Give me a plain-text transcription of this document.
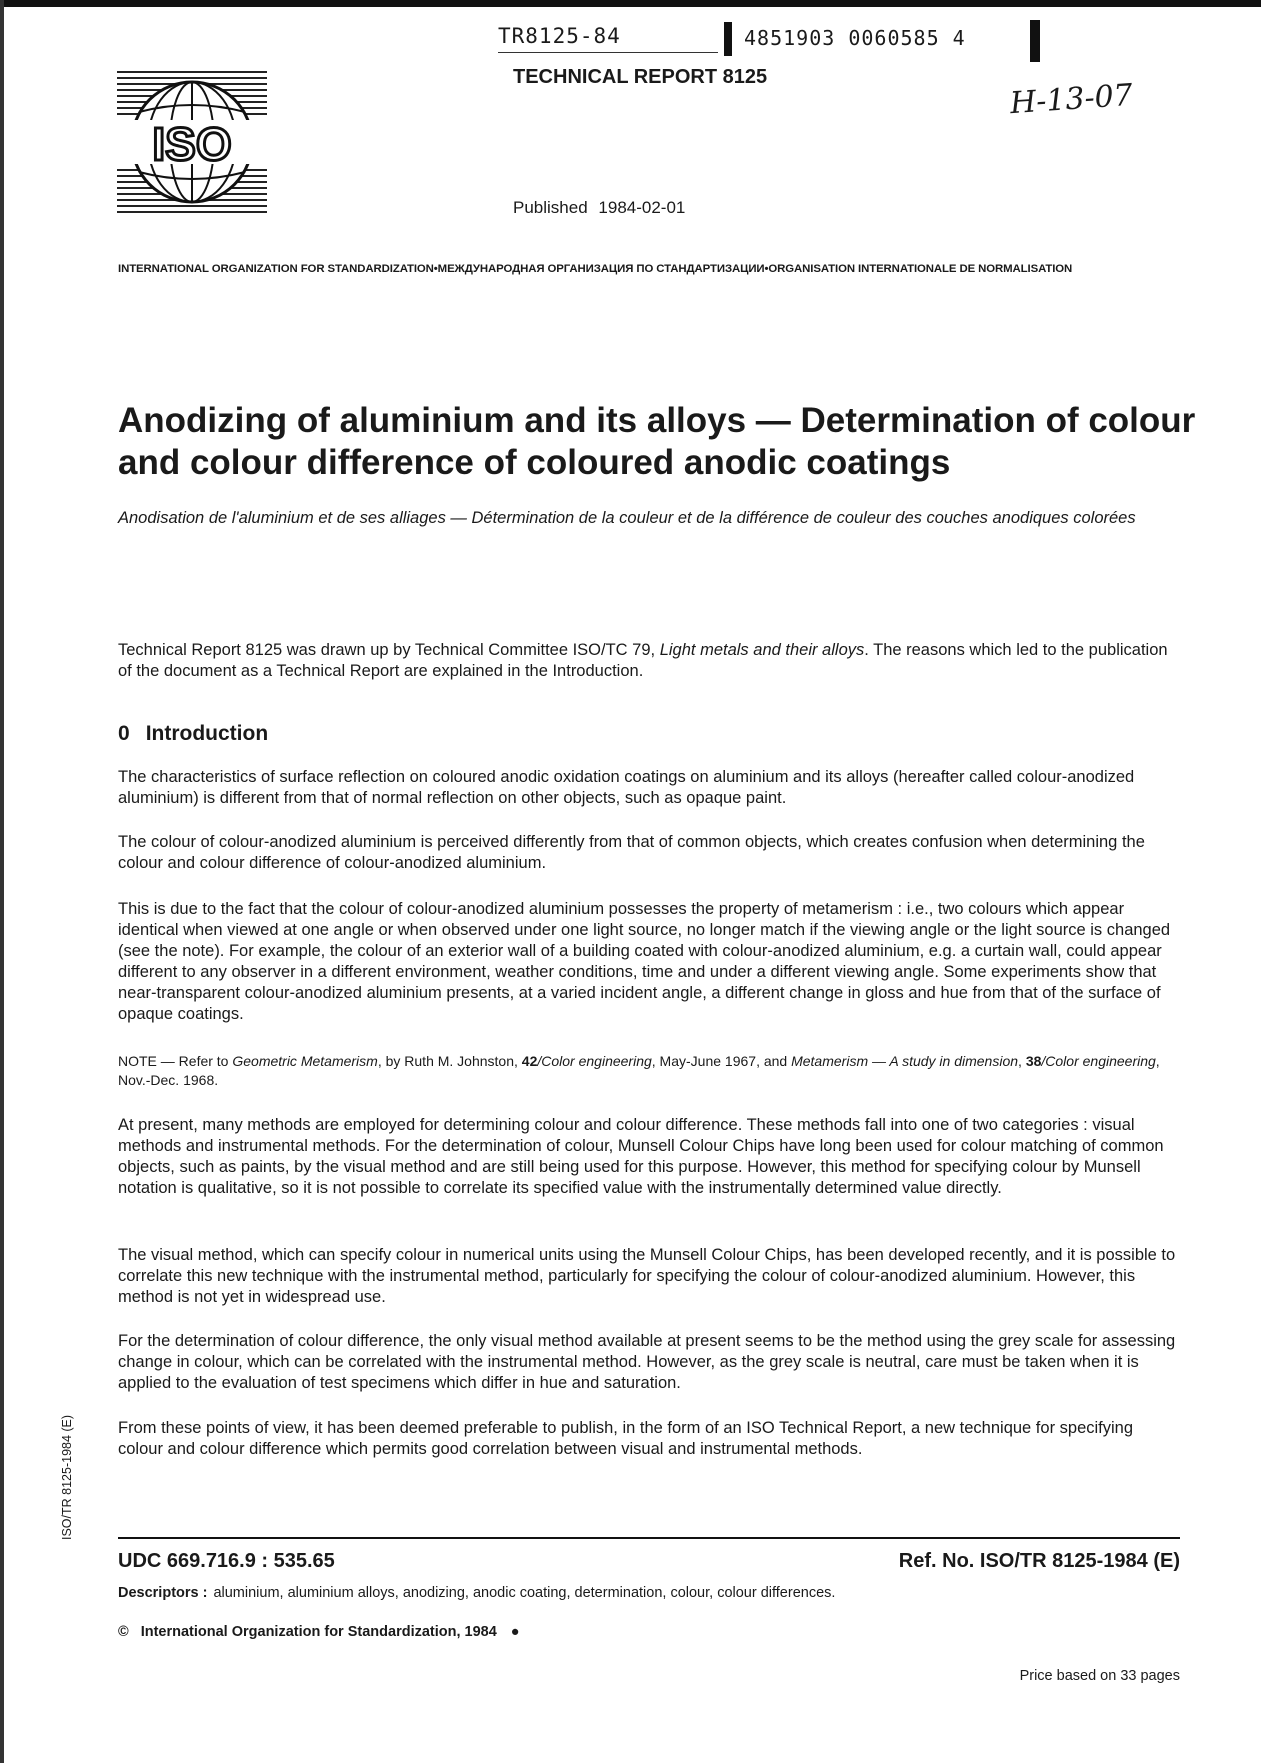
TR8125-84	4851903 0060585 4
TECHNICAL REPORT 8125
H-13-07
ISO
Published 1984-02-01
INTERNATIONAL ORGANIZATION FOR STANDARDIZATION•МЕЖДУНАРОДНАЯ ОРГАНИЗАЦИЯ ПО СТАНДАРТИЗАЦИИ•ORGANISATION INTERNATIONALE DE NORMALISATION
Anodizing of aluminium and its alloys — Determination of colour and colour difference of coloured anodic coatings

Anodisation de l'aluminium et de ses alliages — Détermination de la couleur et de la différence de couleur des couches anodiques colorées

Technical Report 8125 was drawn up by Technical Committee ISO/TC 79, Light metals and their alloys. The reasons which led to the publication of the document as a Technical Report are explained in the Introduction.

0 Introduction

The characteristics of surface reflection on coloured anodic oxidation coatings on aluminium and its alloys (hereafter called colour-anodized aluminium) is different from that of normal reflection on other objects, such as opaque paint.

The colour of colour-anodized aluminium is perceived differently from that of common objects, which creates confusion when determining the colour and colour difference of colour-anodized aluminium.

This is due to the fact that the colour of colour-anodized aluminium possesses the property of metamerism : i.e., two colours which appear identical when viewed at one angle or when observed under one light source, no longer match if the viewing angle or the light source is changed (see the note). For example, the colour of an exterior wall of a building coated with colour-anodized aluminium, e.g. a curtain wall, could appear different to any observer in a different environment, weather conditions, time and under a different viewing angle. Some experiments show that near-transparent colour-anodized aluminium presents, at a varied incident angle, a different change in gloss and hue from that of the surface of opaque coatings.

NOTE — Refer to Geometric Metamerism, by Ruth M. Johnston, 42/Color engineering, May-June 1967, and Metamerism — A study in dimension, 38/Color engineering, Nov.-Dec. 1968.

At present, many methods are employed for determining colour and colour difference. These methods fall into one of two categories : visual methods and instrumental methods. For the determination of colour, Munsell Colour Chips have long been used for colour matching of common objects, such as paints, by the visual method and are still being used for this purpose. However, this method for specifying colour by Munsell notation is qualitative, so it is not possible to correlate its specified value with the instrumentally determined value directly.

The visual method, which can specify colour in numerical units using the Munsell Colour Chips, has been developed recently, and it is possible to correlate this new technique with the instrumental method, particularly for specifying the colour of colour-anodized aluminium. However, this method is not yet in widespread use.

For the determination of colour difference, the only visual method available at present seems to be the method using the grey scale for assessing change in colour, which can be correlated with the instrumental method. However, as the grey scale is neutral, care must be taken when it is applied to the evaluation of test specimens which differ in hue and saturation.

From these points of view, it has been deemed preferable to publish, in the form of an ISO Technical Report, a new technique for specifying colour and colour difference which permits good correlation between visual and instrumental methods.

UDC 669.716.9 : 535.65	Ref. No. ISO/TR 8125-1984 (E)
Descriptors : aluminium, aluminium alloys, anodizing, anodic coating, determination, colour, colour differences.
© International Organization for Standardization, 1984 ●
Price based on 33 pages
ISO/TR 8125-1984 (E)
